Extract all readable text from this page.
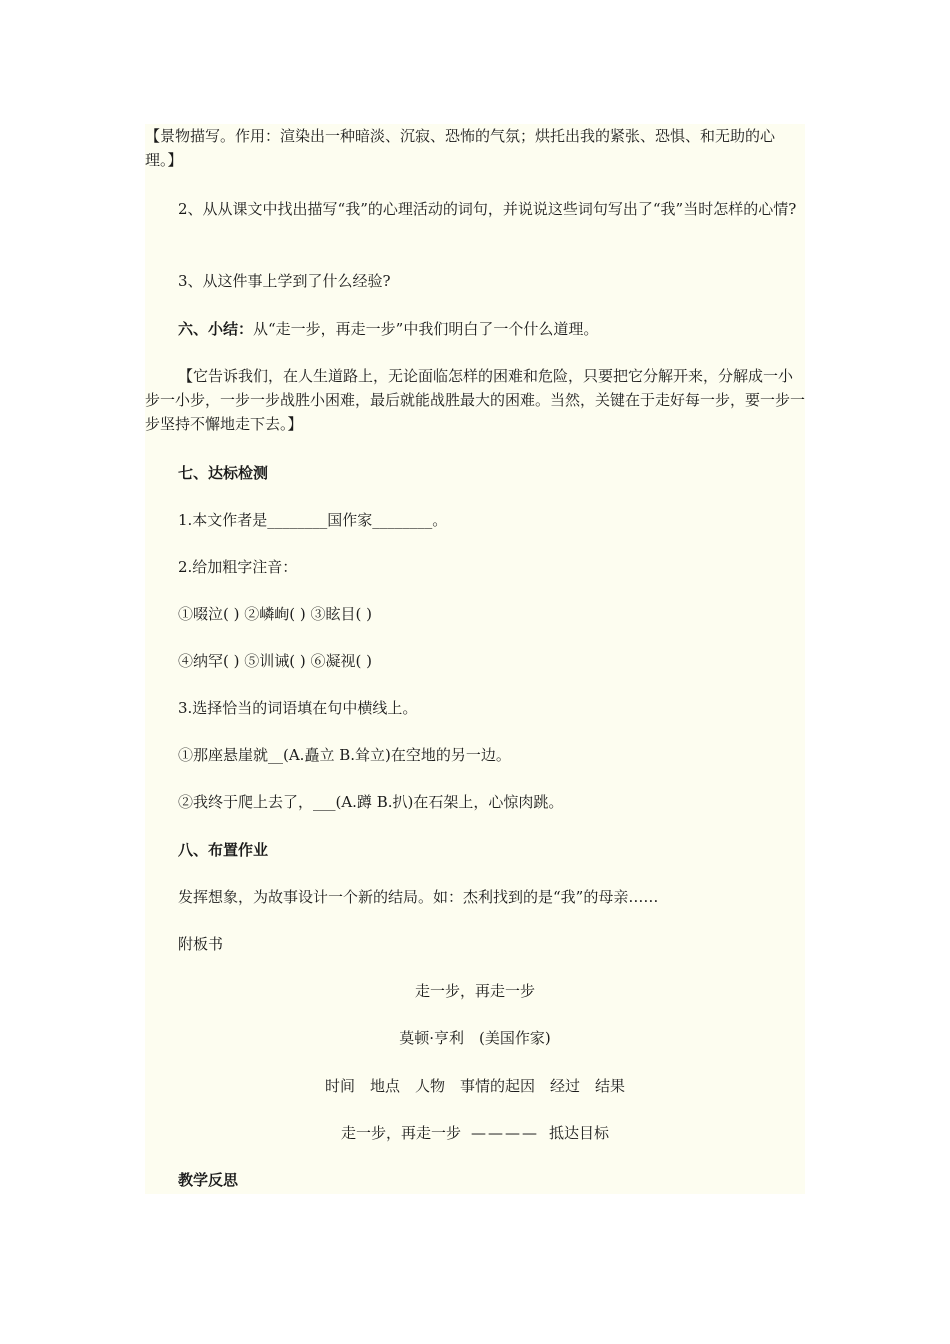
【景物描写。作用：渲染出一种暗淡、沉寂、恐怖的气氛；烘托出我的紧张、恐惧、和无助的心理。】

2、从从课文中找出描写“我”的心理活动的词句，并说说这些词句写出了“我”当时怎样的心情?

3、从这件事上学到了什么经验?

六、小结：从“走一步，再走一步”中我们明白了一个什么道理。

【它告诉我们，在人生道路上，无论面临怎样的困难和危险，只要把它分解开来，分解成一小步一小步，一步一步战胜小困难，最后就能战胜最大的困难。当然，关键在于走好每一步，要一步一步坚持不懈地走下去。】

七、达标检测

1.本文作者是________国作家________。

2.给加粗字注音：

①啜泣( ) ②嶙峋( ) ③眩目( )

④纳罕( ) ⑤训诫( ) ⑥凝视( )

3.选择恰当的词语填在句中横线上。

①那座悬崖就__(A.矗立 B.耸立)在空地的另一边。

②我终于爬上去了，___(A.蹲 B.扒)在石架上，心惊肉跳。

八、布置作业

发挥想象，为故事设计一个新的结局。如：杰利找到的是“我”的母亲……

附板书

走一步，再走一步

莫顿·亨利　(美国作家)

时间　地点　人物　事情的起因　经过　结果

走一步，再走一步 ———— 抵达目标

教学反思
